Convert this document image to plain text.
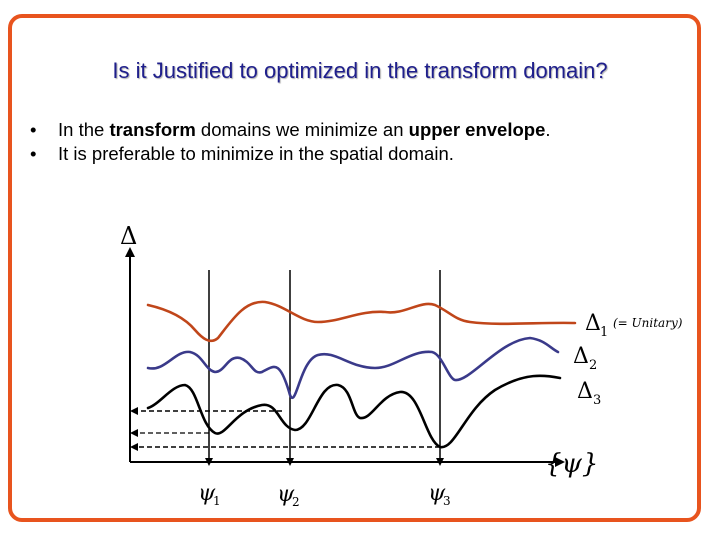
Is it Justified to optimized in the transform domain?
•	In the transform domains we minimize an upper envelope.
•	It is preferable to minimize in the spatial domain.
Δ
Δ 1
(= Unitary)
Δ 2
Δ 3
{ψ}
ψ
1	ψ
2	ψ
3
